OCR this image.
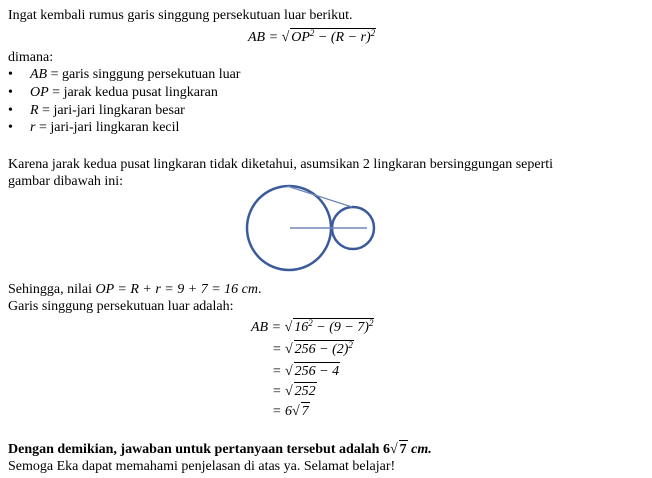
Ingat kembali rumus garis singgung persekutuan luar berikut.
AB = √ $OP^2 - (R - r)^2$
dimana:
• AB = garis singgung persekutuan luar
• OP = jarak kedua pusat lingkaran
• R = jari-jari lingkaran besar
• r = jari-jari lingkaran kecil
Karena jarak kedua pusat lingkaran tidak diketahui, asumsikan 2 lingkaran bersinggungan seperti
gambar dibawah ini:
Sehingga, nilai OP = R + r = 9 + 7 = 16 cm.
Garis singgung persekutuan luar adalah:
AB = √ $16^2 - (9 - 7)^2$
= √ $256 - (2)^2$
= √ 256 − 4
= √ 252
= 6√ 7
Dengan demikian, jawaban untuk pertanyaan tersebut adalah 6√ 7 cm.
Semoga Eka dapat memahami penjelasan di atas ya. Selamat belajar!
